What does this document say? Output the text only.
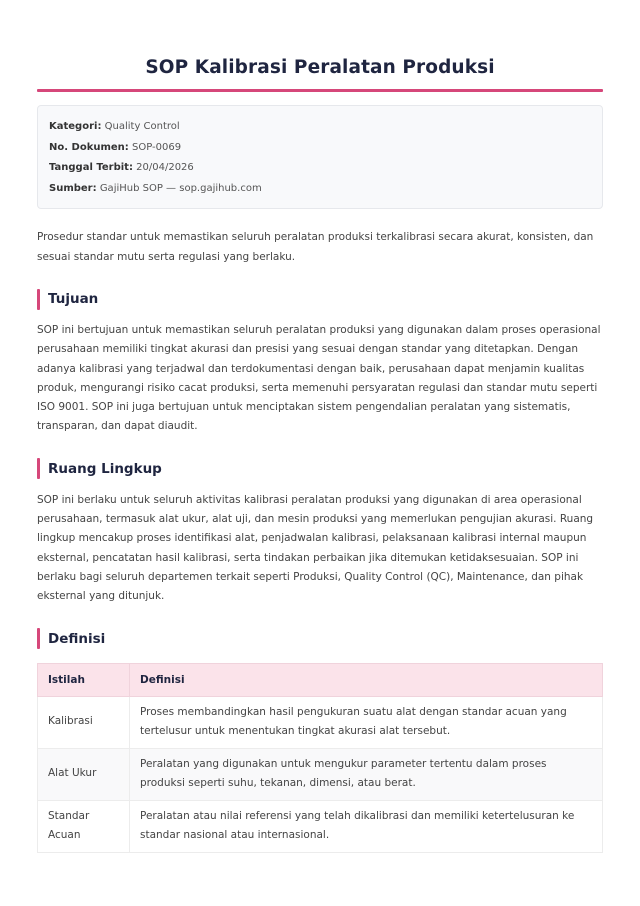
SOP Kalibrasi Peralatan Produksi
Kategori: Quality Control
No. Dokumen: SOP-0069
Tanggal Terbit: 20/04/2026
Sumber: GajiHub SOP — sop.gajihub.com

Prosedur standar untuk memastikan seluruh peralatan produksi terkalibrasi secara akurat, konsisten, dan sesuai standar mutu serta regulasi yang berlaku.

Tujuan

SOP ini bertujuan untuk memastikan seluruh peralatan produksi yang digunakan dalam proses operasional perusahaan memiliki tingkat akurasi dan presisi yang sesuai dengan standar yang ditetapkan. Dengan adanya kalibrasi yang terjadwal dan terdokumentasi dengan baik, perusahaan dapat menjamin kualitas produk, mengurangi risiko cacat produksi, serta memenuhi persyaratan regulasi dan standar mutu seperti ISO 9001. SOP ini juga bertujuan untuk menciptakan sistem pengendalian peralatan yang sistematis, transparan, dan dapat diaudit.

Ruang Lingkup

SOP ini berlaku untuk seluruh aktivitas kalibrasi peralatan produksi yang digunakan di area operasional perusahaan, termasuk alat ukur, alat uji, dan mesin produksi yang memerlukan pengujian akurasi. Ruang lingkup mencakup proses identifikasi alat, penjadwalan kalibrasi, pelaksanaan kalibrasi internal maupun eksternal, pencatatan hasil kalibrasi, serta tindakan perbaikan jika ditemukan ketidaksesuaian. SOP ini berlaku bagi seluruh departemen terkait seperti Produksi, Quality Control (QC), Maintenance, dan pihak eksternal yang ditunjuk.

Definisi
Istilah	Definisi
Kalibrasi	Proses membandingkan hasil pengukuran suatu alat dengan standar acuan yang tertelusur untuk menentukan tingkat akurasi alat tersebut.
Alat Ukur	Peralatan yang digunakan untuk mengukur parameter tertentu dalam proses produksi seperti suhu, tekanan, dimensi, atau berat.
Standar Acuan	Peralatan atau nilai referensi yang telah dikalibrasi dan memiliki ketertelusuran ke standar nasional atau internasional.
